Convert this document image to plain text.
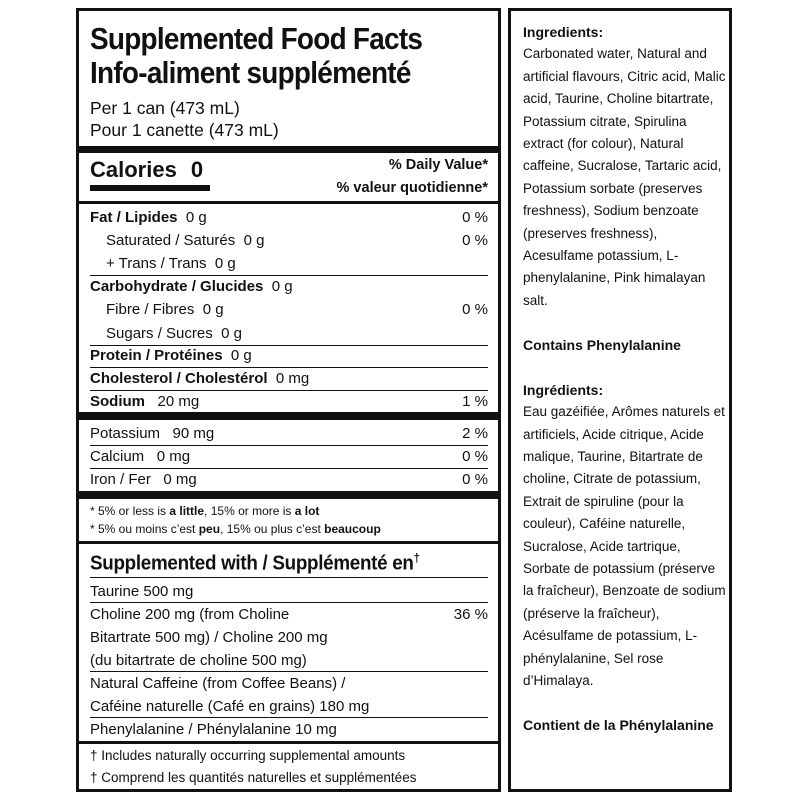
Supplemented Food Facts
Info-aliment supplémenté
Per 1 can (473 mL)
Pour 1 canette (473 mL)
Calories 0	% Daily Value*
% valeur quotidienne*
Fat / Lipides 0 g	0 %
Saturated / Saturés 0 g	0 %
+ Trans / Trans 0 g
Carbohydrate / Glucides 0 g
Fibre / Fibres 0 g	0 %
Sugars / Sucres 0 g
Protein / Protéines 0 g
Cholesterol / Cholestérol 0 mg
Sodium 20 mg	1 %
Potassium 90 mg	2 %
Calcium 0 mg	0 %
Iron / Fer 0 mg	0 %
* 5% or less is a little, 15% or more is a lot
* 5% ou moins c’est peu, 15% ou plus c’est beaucoup
Supplemented with / Supplémenté en†
Taurine 500 mg
Choline 200 mg (from Choline	36 %
Bitartrate 500 mg) / Choline 200 mg
(du bitartrate de choline 500 mg)
Natural Caffeine (from Coffee Beans) /
Caféine naturelle (Café en grains) 180 mg
Phenylalanine / Phénylalanine 10 mg
† Includes naturally occurring supplemental amounts
† Comprend les quantités naturelles et supplémentées
Ingredients:
Carbonated water, Natural and artificial flavours, Citric acid, Malic acid, Taurine, Choline bitartrate, Potassium citrate, Spirulina extract (for colour), Natural caffeine, Sucralose, Tartaric acid, Potassium sorbate (preserves freshness), Sodium benzoate (preserves freshness), Acesulfame potassium, L-phenylalanine, Pink himalayan salt.
Contains Phenylalanine
Ingrédients:
Eau gazéifiée, Arômes naturels et artificiels, Acide citrique, Acide malique, Taurine, Bitartrate de choline, Citrate de potassium, Extrait de spiruline (pour la couleur), Caféine naturelle, Sucralose, Acide tartrique, Sorbate de potassium (préserve la fraîcheur), Benzoate de sodium (préserve la fraîcheur), Acésulfame de potassium, L-phénylalanine, Sel rose d’Himalaya.
Contient de la Phénylalanine
